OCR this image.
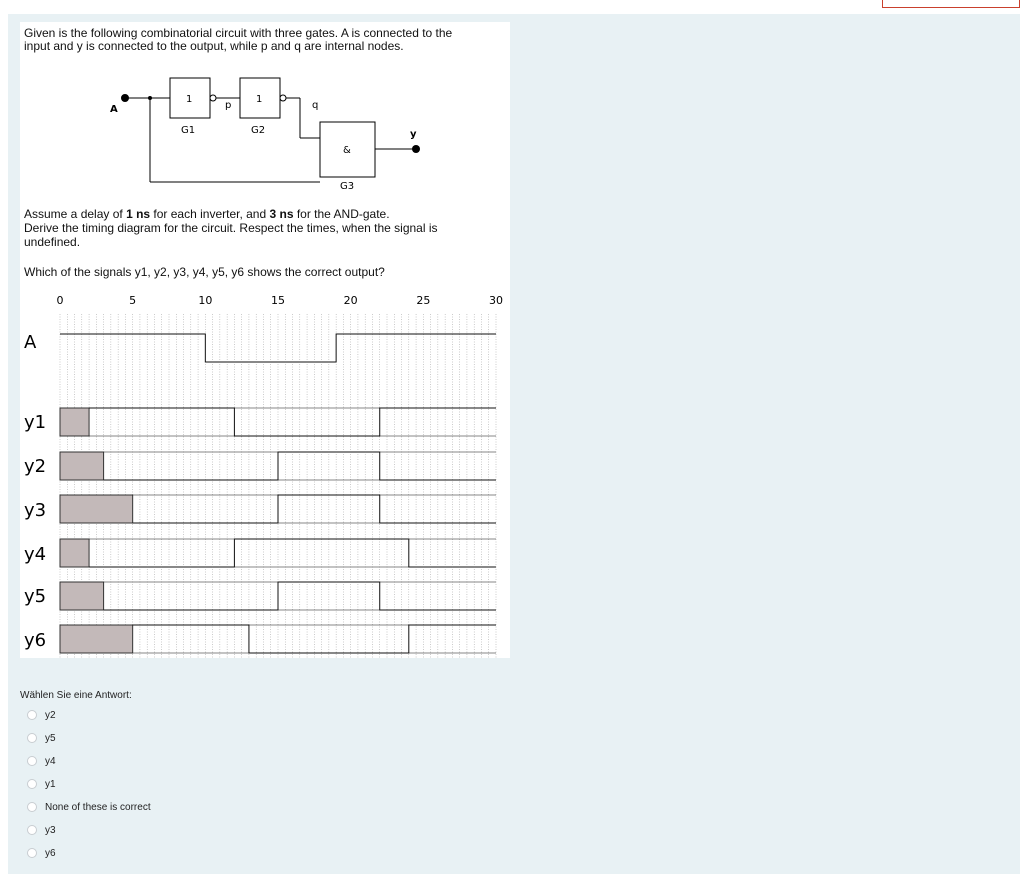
Given is the following combinatorial circuit with three gates. A is connected to the
input and y is connected to the output, while p and q are internal nodes.
A
1
G1
p
1
G2
q
&
G3
y
Assume a delay of 1 ns for each inverter, and 3 ns for the AND-gate.
Derive the timing diagram for the circuit. Respect the times, when the signal is
undefined.
Which of the signals y1, y2, y3, y4, y5, y6 shows the correct output?
0	5	10	15	20	25	30
A
y1
y2
y3
y4
y5
y6
Wählen Sie eine Antwort:
y2
y5
y4
y1
None of these is correct
y3
y6
